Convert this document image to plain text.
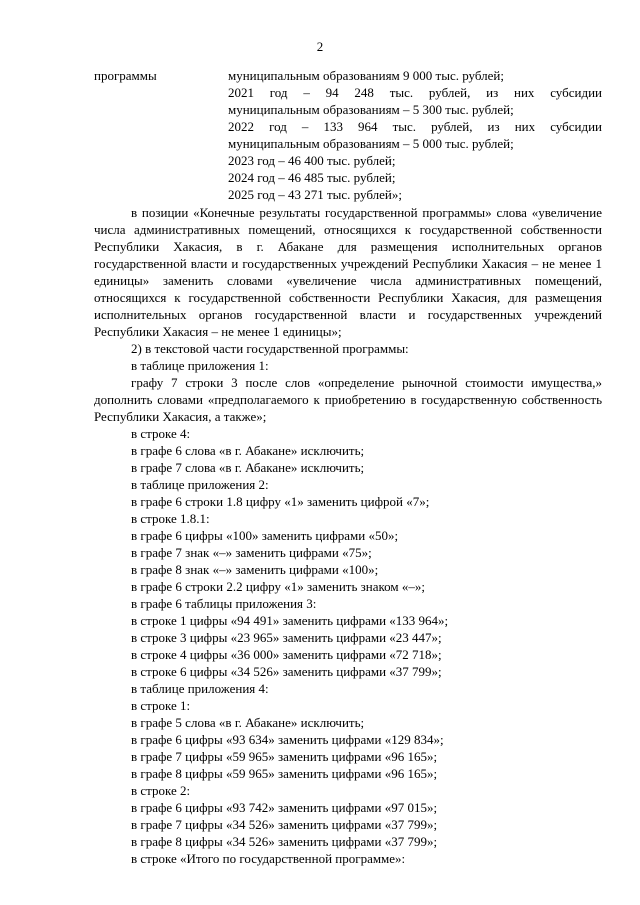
2
программы	муниципальным образованиям 9 000 тыс. рублей;

2021 год – 94 248 тыс. рублей, из них субсидии

муниципальным образованиям – 5 300 тыс. рублей;

2022 год – 133 964 тыс. рублей, из них субсидии

муниципальным образованиям – 5 000 тыс. рублей;

2023 год – 46 400 тыс. рублей;

2024 год – 46 485 тыс. рублей;

2025 год – 43 271 тыс. рублей»;

в позиции «Конечные результаты государственной программы» слова «увеличение числа административных помещений, относящихся к государственной собственности Республики Хакасия, в г. Абакане для размещения исполнительных органов государственной власти и государственных учреждений Республики Хакасия – не менее 1 единицы» заменить словами «увеличение числа административных помещений, относящихся к государственной собственности Республики Хакасия, для размещения исполнительных органов государственной власти и государственных учреждений Республики Хакасия – не менее 1 единицы»;

2) в текстовой части государственной программы:

в таблице приложения 1:

графу 7 строки 3 после слов «определение рыночной стоимости имущества,» дополнить словами «предполагаемого к приобретению в государственную собственность Республики Хакасия, а также»;

в строке 4:

в графе 6 слова «в г. Абакане» исключить;

в графе 7 слова «в г. Абакане» исключить;

в таблице приложения 2:

в графе 6 строки 1.8 цифру «1» заменить цифрой «7»;

в строке 1.8.1:

в графе 6 цифры «100» заменить цифрами «50»;

в графе 7 знак «–» заменить цифрами «75»;

в графе 8 знак «–» заменить цифрами «100»;

в графе 6 строки 2.2 цифру «1» заменить знаком «–»;

в графе 6 таблицы приложения 3:

в строке 1 цифры «94 491» заменить цифрами «133 964»;

в строке 3 цифры «23 965» заменить цифрами «23 447»;

в строке 4 цифры «36 000» заменить цифрами «72 718»;

в строке 6 цифры «34 526» заменить цифрами «37 799»;

в таблице приложения 4:

в строке 1:

в графе 5 слова «в г. Абакане» исключить;

в графе 6 цифры «93 634» заменить цифрами «129 834»;

в графе 7 цифры «59 965» заменить цифрами «96 165»;

в графе 8 цифры «59 965» заменить цифрами «96 165»;

в строке 2:

в графе 6 цифры «93 742» заменить цифрами «97 015»;

в графе 7 цифры «34 526» заменить цифрами «37 799»;

в графе 8 цифры «34 526» заменить цифрами «37 799»;

в строке «Итого по государственной программе»:
